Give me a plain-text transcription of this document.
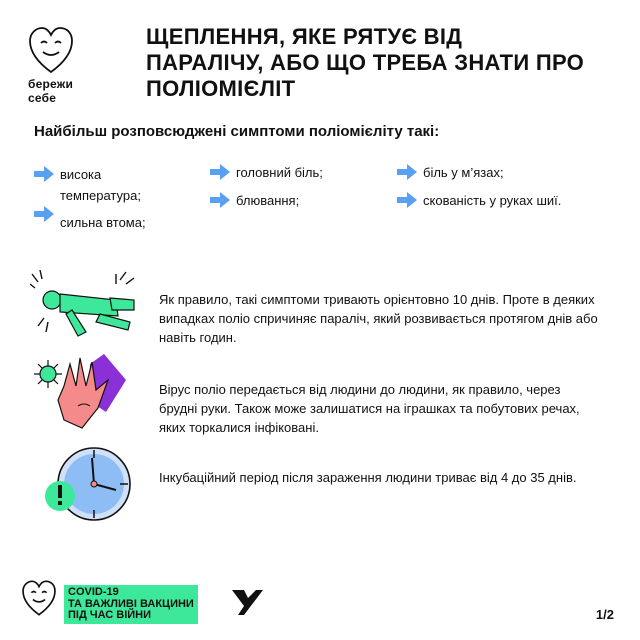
бережи
себе
ЩЕПЛЕННЯ, ЯКЕ РЯТУЄ ВІД ПАРАЛІЧУ, АБО ЩО ТРЕБА ЗНАТИ ПРО ПОЛІОМІЄЛІТ
Найбільш розповсюджені симптоми поліомієліту такі:
висока температура;
сильна втома;
головний біль;
блювання;
біль у м’язах;
скованість у руках шиї.

Як правило, такі симптоми тривають орієнтовно 10 днів. Проте в деяких випадках поліо спричиняє параліч, який розвивається протягом днів або навіть годин.

Вірус поліо передається від людини до людини, як правило, через брудні руки. Також може залишатися на іграшках та побутових речах, яких торкалися інфіковані.

Інкубаційний період після зараження людини триває від 4 до 35 днів.

COVID-19
ТА ВАЖЛИВІ ВАКЦИНИ
ПІД ЧАС ВІЙНИ	1/2
